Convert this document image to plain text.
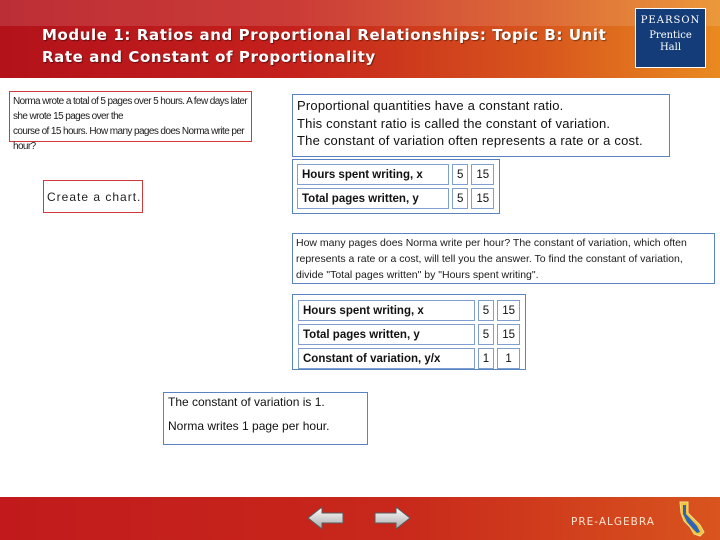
Module 1: Ratios and Proportional Relationships: Topic B: Unit
Rate and Constant of Proportionality
PEARSON
Prentice
Hall
Norma wrote a total of 5 pages over 5 hours. A few days later she wrote 15 pages over the
course of 15 hours. How many pages does Norma write per hour?
Create a chart.
Proportional quantities have a constant ratio.
This constant ratio is called the constant of variation.
The constant of variation often represents a rate or a cost.
Hours spent writing, x	5	15
Total pages written, y	5	15
How many pages does Norma write per hour? The constant of variation, which often
represents a rate or a cost, will tell you the answer. To find the constant of variation,
divide "Total pages written" by "Hours spent writing".
Hours spent writing, x	5	15
Total pages written, y	5	15
Constant of variation, y/x	1	1
The constant of variation is 1.
Norma writes 1 page per hour.
PRE-ALGEBRA
